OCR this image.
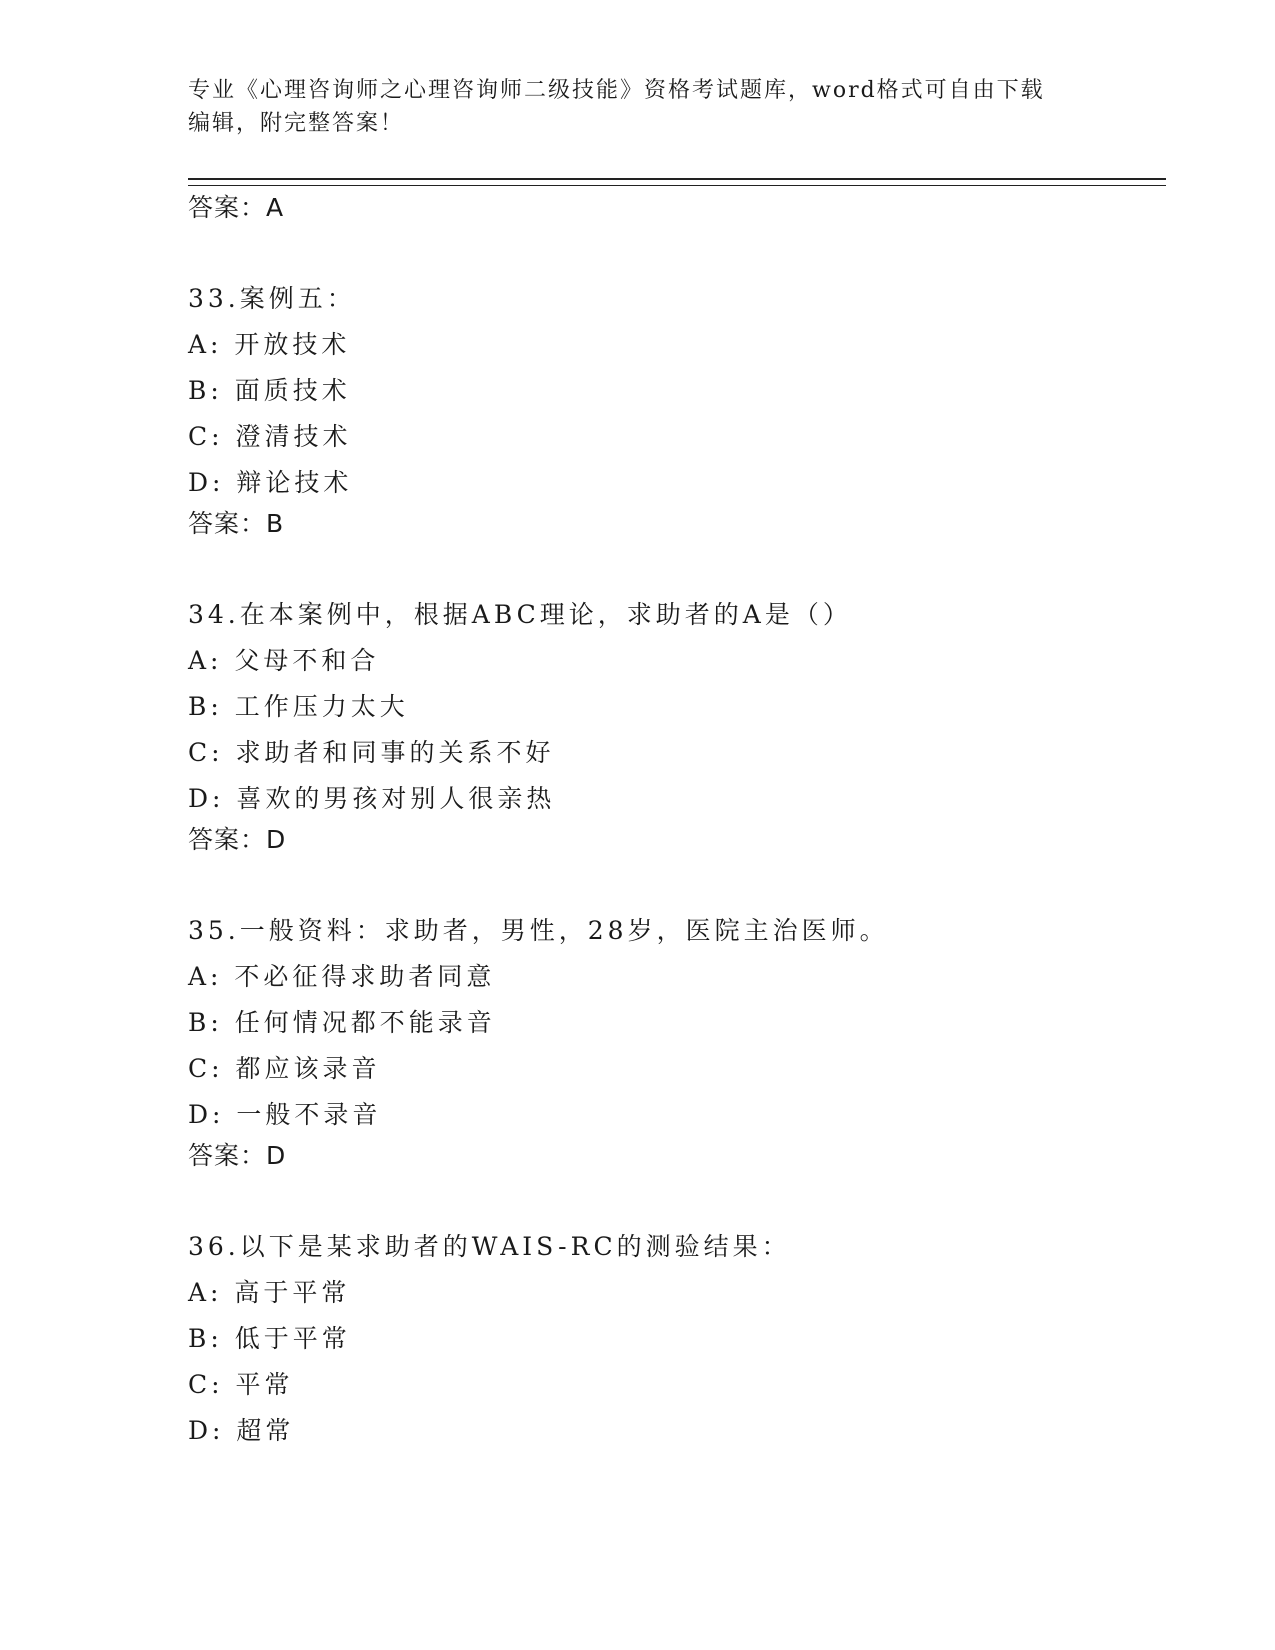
专业《心理咨询师之心理咨询师二级技能》资格考试题库，word格式可自由下载
编辑，附完整答案！
答案：A
33.案例五：
A: 开放技术
B: 面质技术
C: 澄清技术
D: 辩论技术
答案：B
34.在本案例中，根据ABC理论，求助者的A是（）
A: 父母不和合
B: 工作压力太大
C: 求助者和同事的关系不好
D: 喜欢的男孩对别人很亲热
答案：D
35.一般资料：求助者，男性，28岁，医院主治医师。
A: 不必征得求助者同意
B: 任何情况都不能录音
C: 都应该录音
D: 一般不录音
答案：D
36.以下是某求助者的WAIS-RC的测验结果：
A: 高于平常
B: 低于平常
C: 平常
D: 超常
